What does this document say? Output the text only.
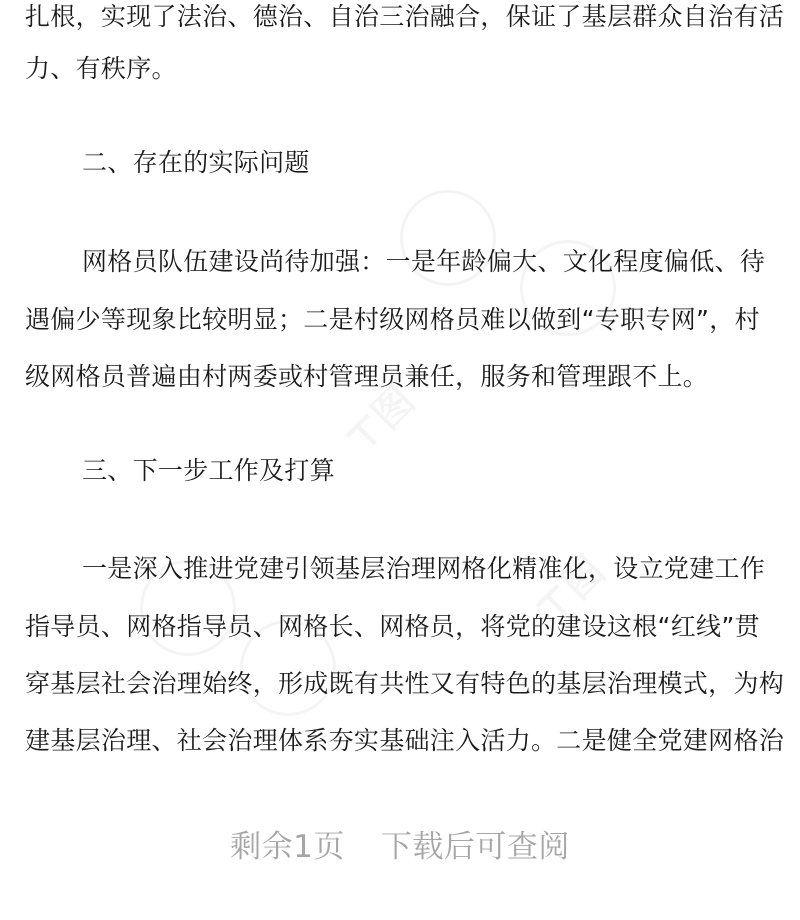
扎根，实现了法治、德治、自治三治融合，保证了基层群众自治有活
力、有秩序。
二、存在的实际问题
网格员队伍建设尚待加强：一是年龄偏大、文化程度偏低、待
遇偏少等现象比较明显；二是村级网格员难以做到“专职专网”，村
级网格员普遍由村两委或村管理员兼任，服务和管理跟不上。
三、下一步工作及打算
一是深入推进党建引领基层治理网格化精准化，设立党建工作
指导员、网格指导员、网格长、网格员，将党的建设这根“红线”贯
穿基层社会治理始终，形成既有共性又有特色的基层治理模式，为构
建基层治理、社会治理体系夯实基础注入活力。二是健全党建网格治
剩余1页 下载后可查阅
